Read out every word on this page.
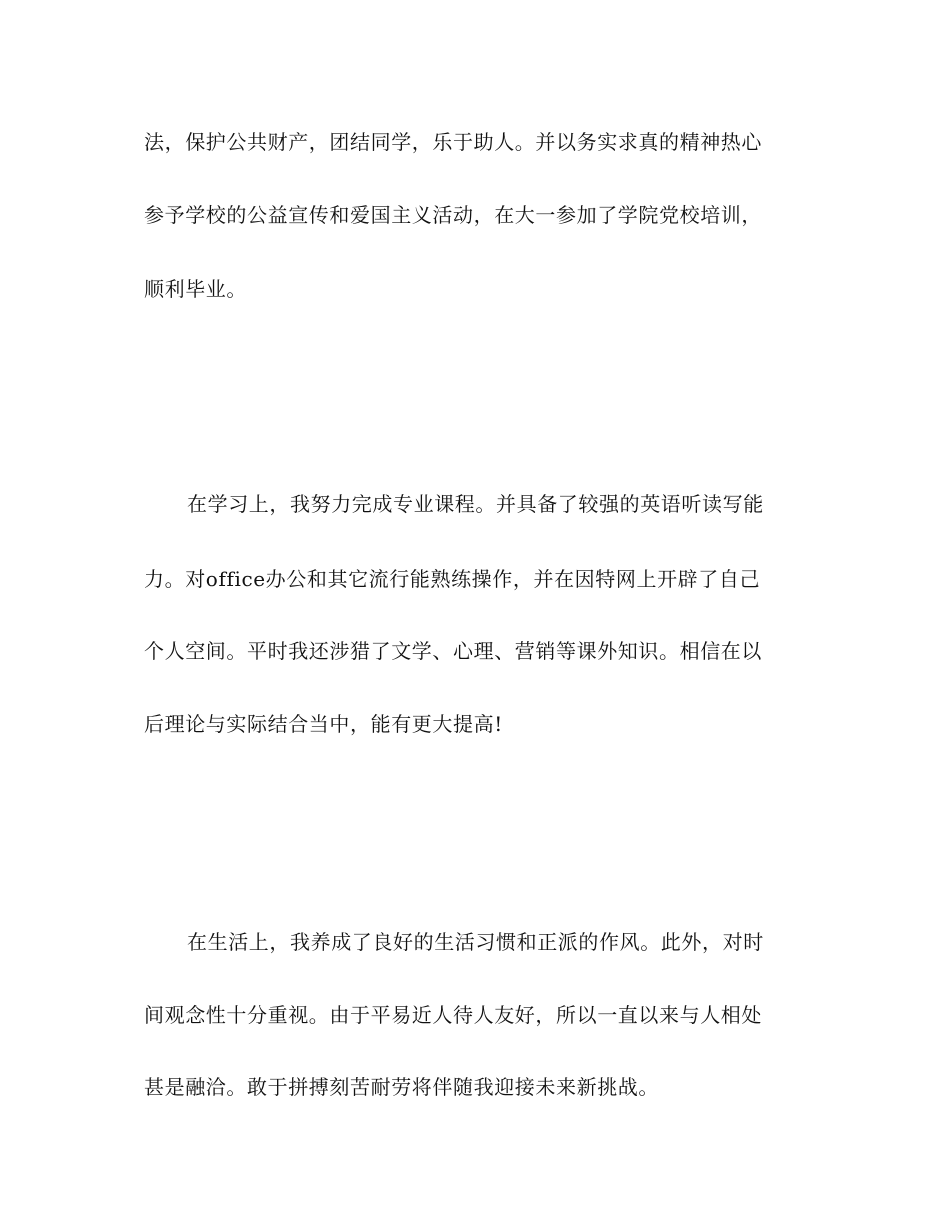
法，保护公共财产，团结同学，乐于助人。并以务实求真的精神热心
参予学校的公益宣传和爱国主义活动，在大一参加了学院党校培训，
顺利毕业。
在学习上，我努力完成专业课程。并具备了较强的英语听读写能
力。对office办公和其它流行能熟练操作，并在因特网上开辟了自己
个人空间。平时我还涉猎了文学、心理、营销等课外知识。相信在以
后理论与实际结合当中，能有更大提高!
在生活上，我养成了良好的生活习惯和正派的作风。此外，对时
间观念性十分重视。由于平易近人待人友好，所以一直以来与人相处
甚是融洽。敢于拼搏刻苦耐劳将伴随我迎接未来新挑战。
